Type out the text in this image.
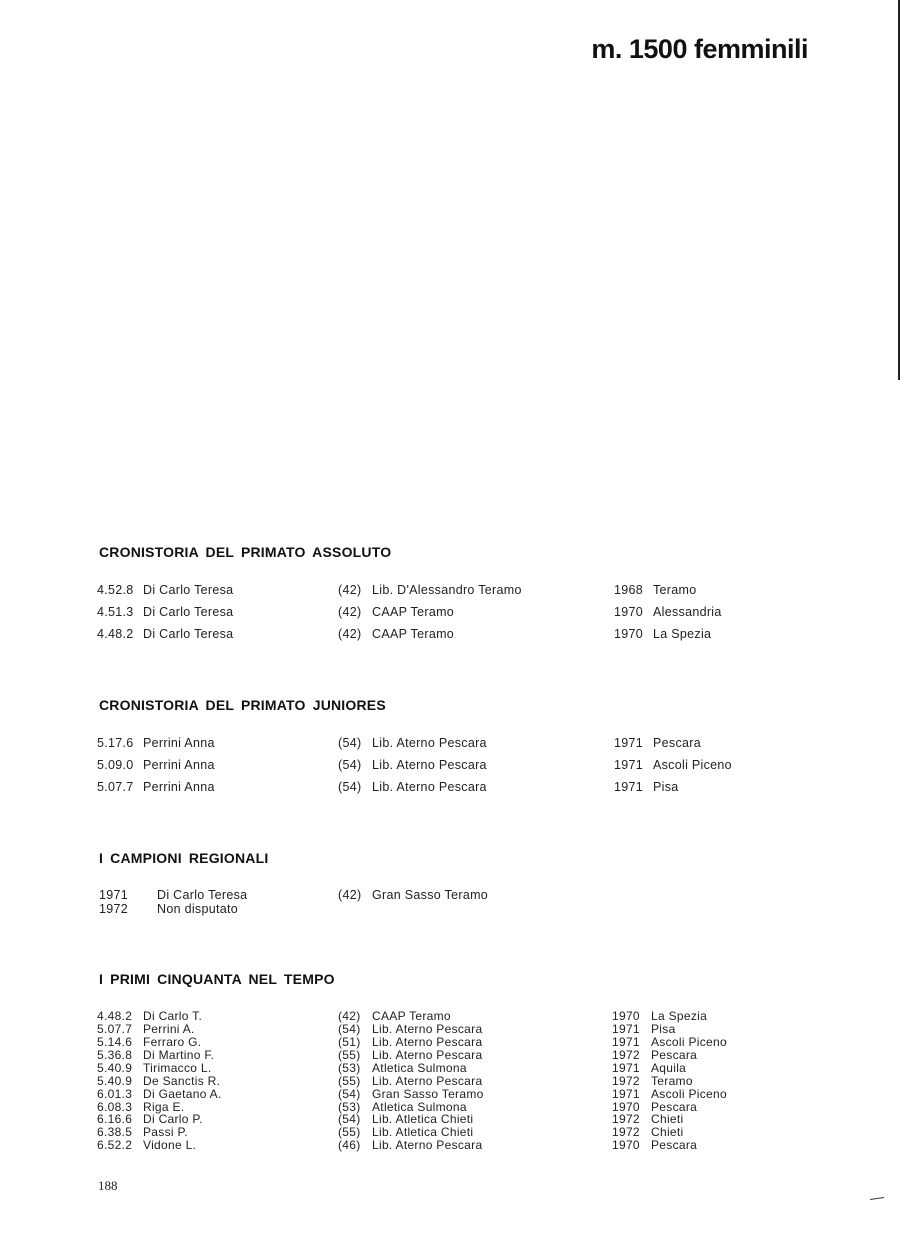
m. 1500 femminili
CRONISTORIA DEL PRIMATO ASSOLUTO
4.52.8 Di Carlo Teresa	(42) Lib. D'Alessandro Teramo	1968 Teramo
4.51.3 Di Carlo Teresa	(42) CAAP Teramo	1970 Alessandria
4.48.2 Di Carlo Teresa	(42) CAAP Teramo	1970 La Spezia
CRONISTORIA DEL PRIMATO JUNIORES
5.17.6 Perrini Anna	(54) Lib. Aterno Pescara	1971 Pescara
5.09.0 Perrini Anna	(54) Lib. Aterno Pescara	1971 Ascoli Piceno
5.07.7 Perrini Anna	(54) Lib. Aterno Pescara	1971 Pisa
I CAMPIONI REGIONALI
1971 Di Carlo Teresa	(42) Gran Sasso Teramo
1972 Non disputato
I PRIMI CINQUANTA NEL TEMPO
4.48.2 Di Carlo T.	(42) CAAP Teramo	1970 La Spezia
5.07.7 Perrini A.	(54) Lib. Aterno Pescara	1971 Pisa
5.14.6 Ferraro G.	(51) Lib. Aterno Pescara	1971 Ascoli Piceno
5.36.8 Di Martino F.	(55) Lib. Aterno Pescara	1972 Pescara
5.40.9 Tirimacco L.	(53) Atletica Sulmona	1971 Aquila
5.40.9 De Sanctis R.	(55) Lib. Aterno Pescara	1972 Teramo
6.01.3 Di Gaetano A.	(54) Gran Sasso Teramo	1971 Ascoli Piceno
6.08.3 Riga E.	(53) Atletica Sulmona	1970 Pescara
6.16.6 Di Carlo P.	(54) Lib. Atletica Chieti	1972 Chieti
6.38.5 Passi P.	(55) Lib. Atletica Chieti	1972 Chieti
6.52.2 Vidone L.	(46) Lib. Aterno Pescara	1970 Pescara
188
